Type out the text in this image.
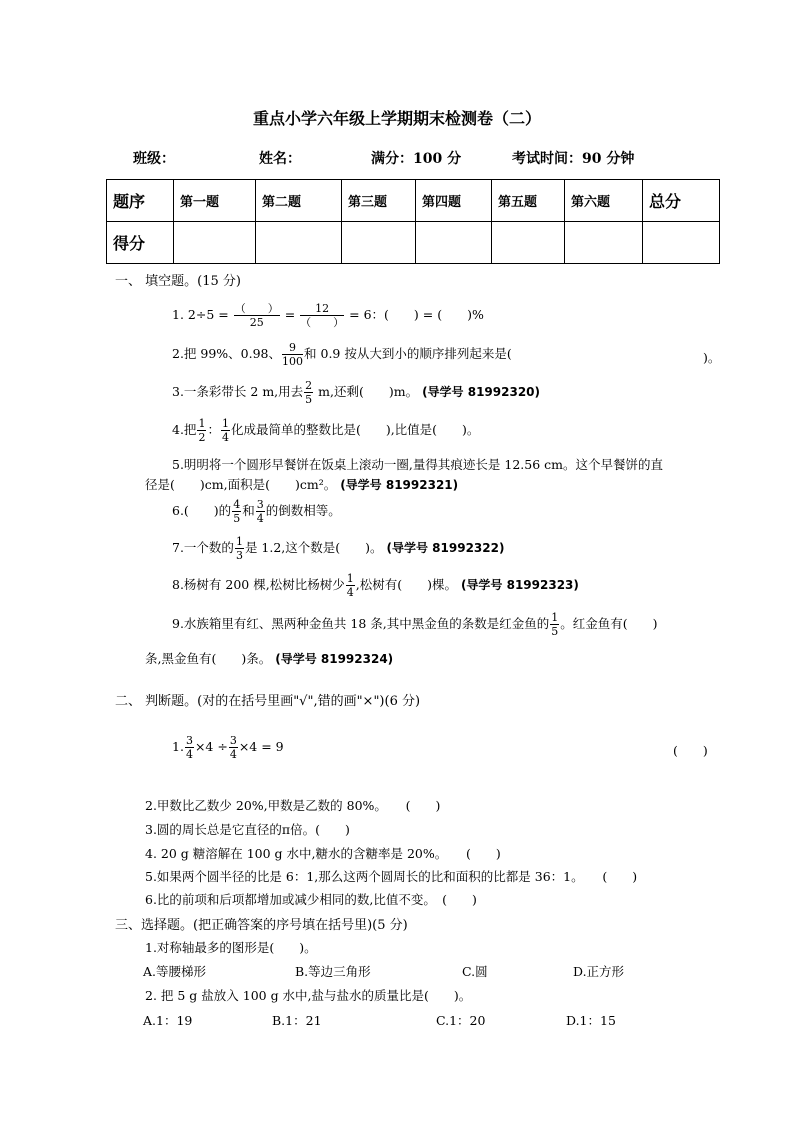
重点小学六年级上学期期末检测卷（二）
班级：	姓名：	满分：100 分	考试时间：90 分钟
题序	第一题	第二题	第三题	第四题	第五题	第六题	总分
得分							
一、 填空题。(15 分)
1. $2\div 5 = \frac{( )}{25} = \frac{12}{( )} = 6$：(　　) = (　　)%
2.把 99%、0.98、 $\frac{9}{100}$ 和 0.9 按从大到小的顺序排列起来是(	)。
3.一条彩带长 2 m,用去 $\frac{2}{5} m$,还剩(　　)m。 (导学号 81992320)
4.把 $\frac{1}{2}$ ： $\frac{1}{4}$ 化成最简单的整数比是(　　),比值是(　　)。
5.明明将一个圆形早餐饼在饭桌上滚动一圈,量得其痕迹长是 12.56 cm。这个早餐饼的直
径是(　　)cm,面积是(　　)cm²。 (导学号 81992321)
6.(　　)的 $\frac{4}{5}$ 和 $\frac{3}{4}$ 的倒数相等。
7.一个数的 $\frac{1}{3}$ 是 1.2,这个数是(　　)。 (导学号 81992322)
8.杨树有 200 棵,松树比杨树少 $\frac{1}{4}$ ,松树有(　　)棵。 (导学号 81992323)
9.水族箱里有红、黑两种金鱼共 18 条,其中黑金鱼的条数是红金鱼的 $\frac{1}{5}$ 。红金鱼有(　　)
条,黑金鱼有(　　)条。 (导学号 81992324)
二、 判断题。(对的在括号里画"√",错的画"×")(6 分)
1. $\frac{3}{4} \times 4 \div \frac{3}{4} \times 4 = 9$	(　　)
2.甲数比乙数少 20%,甲数是乙数的 80%。　　(　　)
3.圆的周长总是它直径的π倍。(　　)
4. 20 g 糖溶解在 100 g 水中,糖水的含糖率是 20%。　　(　　)
5.如果两个圆半径的比是 6：1,那么这两个圆周长的比和面积的比都是 36：1。　　(　　)
6.比的前项和后项都增加或减少相同的数,比值不变。　(　　)
三、选择题。(把正确答案的序号填在括号里)(5 分)
1.对称轴最多的图形是(　　)。
A.等腰梯形	B.等边三角形	C.圆	D.正方形
2. 把 5 g 盐放入 100 g 水中,盐与盐水的质量比是(　　)。
A.1：19	B.1：21	C.1：20	D.1：15
